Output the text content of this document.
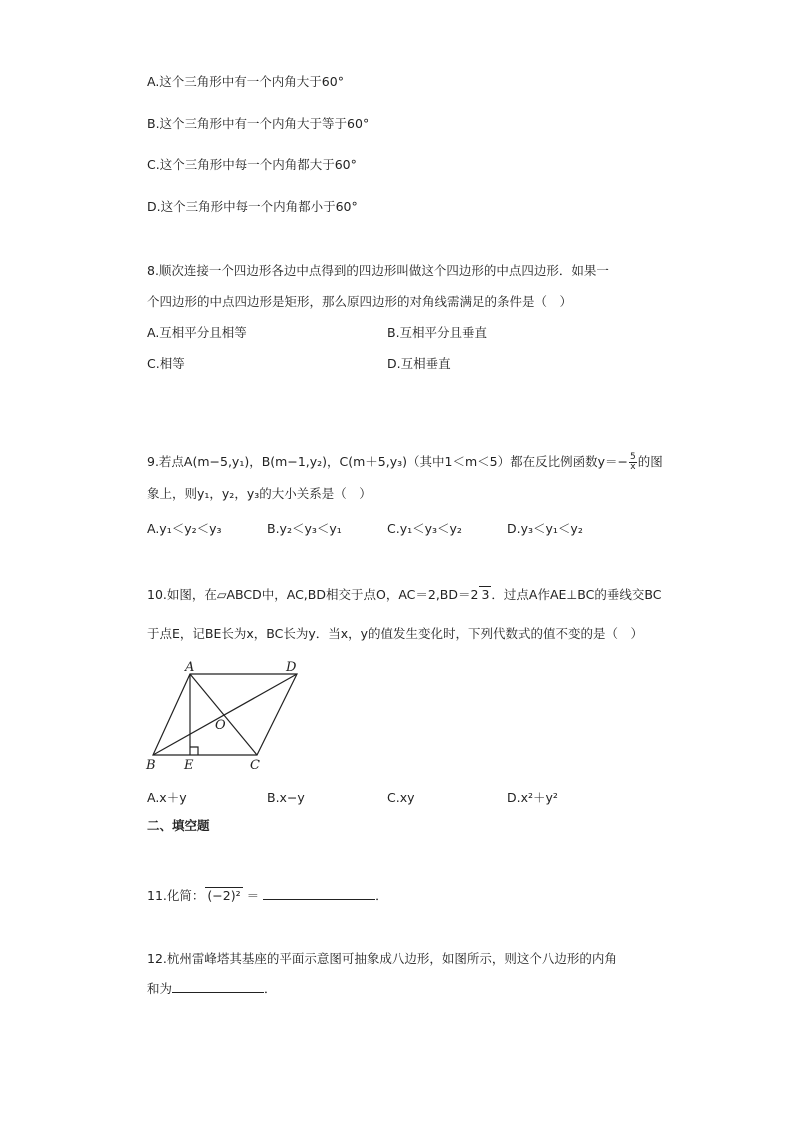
A.这个三角形中有一个内角大于60°
B.这个三角形中有一个内角大于等于60°
C.这个三角形中每一个内角都大于60°
D.这个三角形中每一个内角都小于60°
8.顺次连接一个四边形各边中点得到的四边形叫做这个四边形的中点四边形．如果一
个四边形的中点四边形是矩形，那么原四边形的对角线需满足的条件是（　）
A.互相平分且相等	B.互相平分且垂直
C.相等	D.互相垂直
9.若点A(m−5,y₁)，B(m−1,y₂)，C(m＋5,y₃)（其中1＜m＜5）都在反比例函数$y=- \frac{5}{x}$ 的图
象上，则y₁，y₂，y₃的大小关系是（　）
A.y₁＜y₂＜y₃	B.y₂＜y₃＜y₁	C.y₁＜y₃＜y₂	D.y₃＜y₁＜y₂
10.如图，在▱ABCD中，AC,BD相交于点O，AC＝2,BD＝2 3 ．过点A作AE⊥BC的垂线交BC
于点E，记BE长为x，BC长为y．当x，y的值发生变化时，下列代数式的值不变的是（　）
A	D
O
B E	C
A.x＋y	B.x−y	C.xy	D.x²＋y²
二、填空题
11.化简： (−2)² ＝	．
12.杭州雷峰塔其基座的平面示意图可抽象成八边形，如图所示，则这个八边形的内角
和为	．
